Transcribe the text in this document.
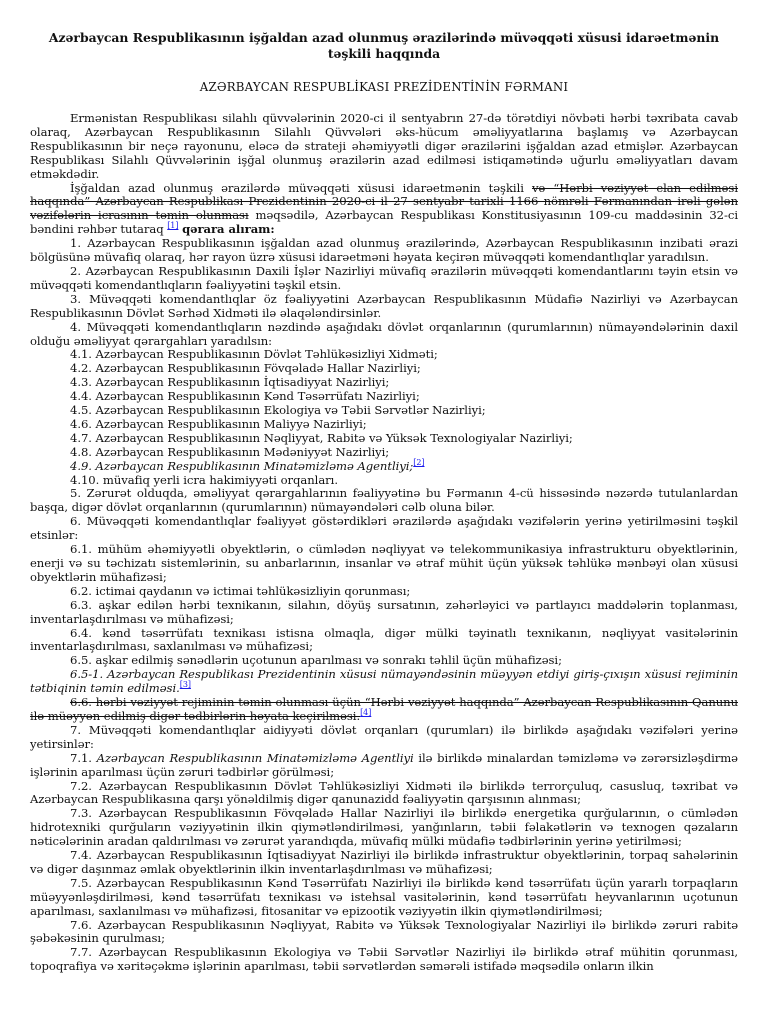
Azərbaycan Respublikasının işğaldan azad olunmuş ərazilərində müvəqqəti xüsusi idarəetmənin təşkili haqqında
AZƏRBAYCAN RESPUBLİKASI PREZİDENTİNİN FƏRMANI

Ermənistan Respublikası silahlı qüvvələrinin 2020-ci il sentyabrın 27-də törətdiyi növbəti hərbi təxribata cavab olaraq, Azərbaycan Respublikasının Silahlı Qüvvələri əks-hücum əməliyyatlarına başlamış və Azərbaycan Respublikasının bir neçə rayonunu, eləcə də strateji əhəmiyyətli digər ərazilərini işğaldan azad etmişlər. Azərbaycan Respublikası Silahlı Qüvvələrinin işğal olunmuş ərazilərin azad edilməsi istiqamətində uğurlu əməliyyatları davam etməkdədir.

İşğaldan azad olunmuş ərazilərdə müvəqqəti xüsusi idarəetmənin təşkili və “Hərbi vəziyyət elan edilməsi haqqında” Azərbaycan Respublikası Prezidentinin 2020-ci il 27 sentyabr tarixli 1166 nömrəli Fərmanından irəli gələn vəzifələrin icrasının təmin olunması məqsədilə, Azərbaycan Respublikası Konstitusiyasının 109-cu maddəsinin 32-ci bəndini rəhbər tutaraq [1] qərara alıram:

1. Azərbaycan Respublikasının işğaldan azad olunmuş ərazilərində, Azərbaycan Respublikasının inzibati ərazi bölgüsünə müvafiq olaraq, hər rayon üzrə xüsusi idarəetməni həyata keçirən müvəqqəti komendantlıqlar yaradılsın.

2. Azərbaycan Respublikasının Daxili İşlər Nazirliyi müvafiq ərazilərin müvəqqəti komendantlarını təyin etsin və müvəqqəti komendantlıqların fəaliyyətini təşkil etsin.

3. Müvəqqəti komendantlıqlar öz fəaliyyətini Azərbaycan Respublikasının Müdafiə Nazirliyi və Azərbaycan Respublikasının Dövlət Sərhəd Xidməti ilə əlaqələndirsinlər.

4. Müvəqqəti komendantlıqların nəzdində aşağıdakı dövlət orqanlarının (qurumlarının) nümayəndələrinin daxil olduğu əməliyyat qərargahları yaradılsın:

4.1. Azərbaycan Respublikasının Dövlət Təhlükəsizliyi Xidməti;

4.2. Azərbaycan Respublikasının Fövqəladə Hallar Nazirliyi;

4.3. Azərbaycan Respublikasının İqtisadiyyat Nazirliyi;

4.4. Azərbaycan Respublikasının Kənd Təsərrüfatı Nazirliyi;

4.5. Azərbaycan Respublikasının Ekologiya və Təbii Sərvətlər Nazirliyi;

4.6. Azərbaycan Respublikasının Maliyyə Nazirliyi;

4.7. Azərbaycan Respublikasının Nəqliyyat, Rabitə və Yüksək Texnologiyalar Nazirliyi;

4.8. Azərbaycan Respublikasının Mədəniyyət Nazirliyi;

4.9. Azərbaycan Respublikasının Minatəmizləmə Agentliyi;[2]

4.10. müvafiq yerli icra hakimiyyəti orqanları.

5. Zərurət olduqda, əməliyyat qərargahlarının fəaliyyətinə bu Fərmanın 4-cü hissəsində nəzərdə tutulanlardan başqa, digər dövlət orqanlarının (qurumlarının) nümayəndələri cəlb oluna bilər.

6. Müvəqqəti komendantlıqlar fəaliyyət göstərdikləri ərazilərdə aşağıdakı vəzifələrin yerinə yetirilməsini təşkil etsinlər:

6.1. mühüm əhəmiyyətli obyektlərin, o cümlədən nəqliyyat və telekommunikasiya infrastrukturu obyektlərinin, enerji və su təchizatı sistemlərinin, su anbarlarının, insanlar və ətraf mühit üçün yüksək təhlükə mənbəyi olan xüsusi obyektlərin mühafizəsi;

6.2. ictimai qaydanın və ictimai təhlükəsizliyin qorunması;

6.3. aşkar edilən hərbi texnikanın, silahın, döyüş sursatının, zəhərləyici və partlayıcı maddələrin toplanması, inventarlaşdırılması və mühafizəsi;

6.4. kənd təsərrüfatı texnikası istisna olmaqla, digər mülki təyinatlı texnikanın, nəqliyyat vasitələrinin inventarlaşdırılması, saxlanılması və mühafizəsi;

6.5. aşkar edilmiş sənədlərin uçotunun aparılması və sonrakı təhlil üçün mühafizəsi;

6.5-1. Azərbaycan Respublikası Prezidentinin xüsusi nümayəndəsinin müəyyən etdiyi giriş-çıxışın xüsusi rejiminin tətbiqinin təmin edilməsi.[3]

6.6. hərbi vəziyyət rejiminin təmin olunması üçün “Hərbi vəziyyət haqqında” Azərbaycan Respublikasının Qanunu ilə müəyyən edilmiş digər tədbirlərin həyata keçirilməsi.[4]

7. Müvəqqəti komendantlıqlar aidiyyəti dövlət orqanları (qurumları) ilə birlikdə aşağıdakı vəzifələri yerinə yetirsinlər:

7.1. Azərbaycan Respublikasının Minatəmizləmə Agentliyi ilə birlikdə minalardan təmizləmə və zərərsizləşdirmə işlərinin aparılması üçün zəruri tədbirlər görülməsi;

7.2. Azərbaycan Respublikasının Dövlət Təhlükəsizliyi Xidməti ilə birlikdə terrorçuluq, casusluq, təxribat və Azərbaycan Respublikasına qarşı yönəldilmiş digər qanunazidd fəaliyyətin qarşısının alınması;

7.3. Azərbaycan Respublikasının Fövqəladə Hallar Nazirliyi ilə birlikdə energetika qurğularının, o cümlədən hidrotexniki qurğuların vəziyyətinin ilkin qiymətləndirilməsi, yanğınların, təbii fəlakətlərin və texnogen qəzaların nəticələrinin aradan qaldırılması və zərurət yarandıqda, müvafiq mülki müdafiə tədbirlərinin yerinə yetirilməsi;

7.4. Azərbaycan Respublikasının İqtisadiyyat Nazirliyi ilə birlikdə infrastruktur obyektlərinin, torpaq sahələrinin və digər daşınmaz əmlak obyektlərinin ilkin inventarlaşdırılması və mühafizəsi;

7.5. Azərbaycan Respublikasının Kənd Təsərrüfatı Nazirliyi ilə birlikdə kənd təsərrüfatı üçün yararlı torpaqların müəyyənləşdirilməsi, kənd təsərrüfatı texnikası və istehsal vasitələrinin, kənd təsərrüfatı heyvanlarının uçotunun aparılması, saxlanılması və mühafizəsi, fitosanitar və epizootik vəziyyətin ilkin qiymətləndirilməsi;

7.6. Azərbaycan Respublikasının Nəqliyyat, Rabitə və Yüksək Texnologiyalar Nazirliyi ilə birlikdə zəruri rabitə şəbəkəsinin qurulması;

7.7. Azərbaycan Respublikasının Ekologiya və Təbii Sərvətlər Nazirliyi ilə birlikdə ətraf mühitin qorunması, topoqrafiya və xəritəçəkmə işlərinin aparılması, təbii sərvətlərdən səmərəli istifadə məqsədilə onların ilkin
